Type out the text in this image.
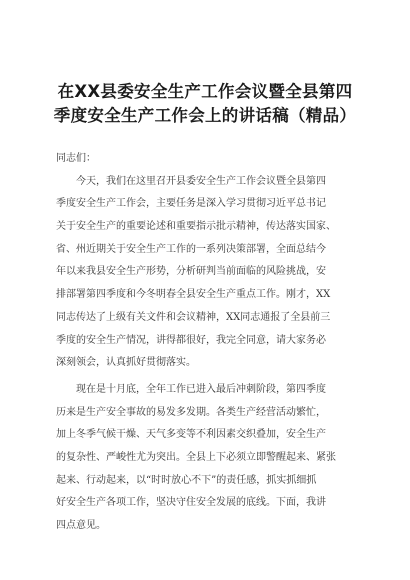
在XX县委安全生产工作会议暨全县第四
季度安全生产工作会上的讲话稿（精品）
同志们：
　　今天，我们在这里召开县委安全生产工作会议暨全县第四
季度安全生产工作会，主要任务是深入学习贯彻习近平总书记
关于安全生产的重要论述和重要指示批示精神，传达落实国家、
省、州近期关于安全生产工作的一系列决策部署，全面总结今
年以来我县安全生产形势，分析研判当前面临的风险挑战，安
排部署第四季度和今冬明春全县安全生产重点工作。刚才，XX
同志传达了上级有关文件和会议精神，XX同志通报了全县前三
季度的安全生产情况，讲得都很好，我完全同意，请大家务必
深刻领会，认真抓好贯彻落实。
　　现在是十月底，全年工作已进入最后冲刺阶段，第四季度
历来是生产安全事故的易发多发期。各类生产经营活动繁忙，
加上冬季气候干燥、天气多变等不利因素交织叠加，安全生产
的复杂性、严峻性尤为突出。全县上下必须立即警醒起来、紧张
起来、行动起来，以“时时放心不下”的责任感，抓实抓细抓
好安全生产各项工作，坚决守住安全发展的底线。下面，我讲
四点意见。
